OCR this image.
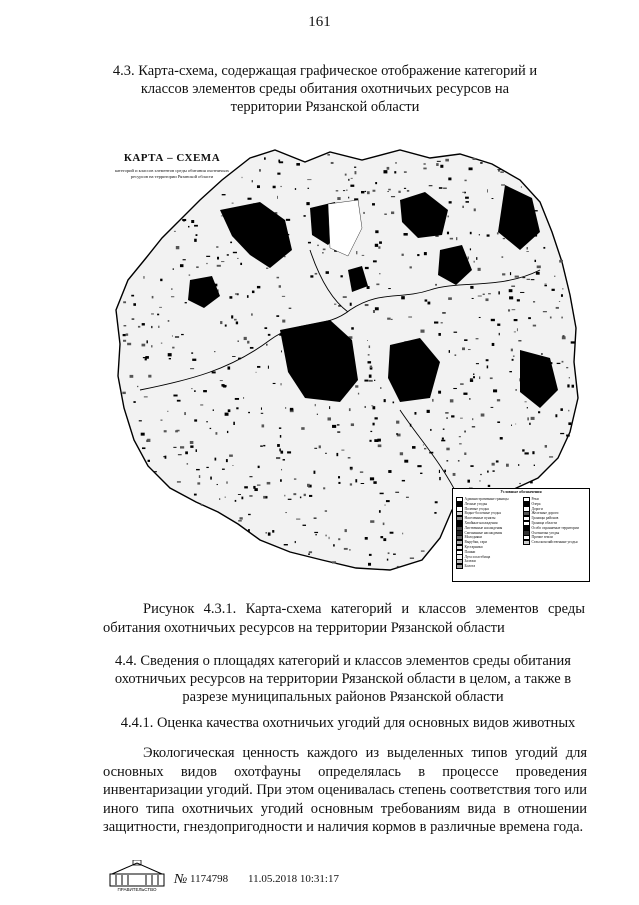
161
4.3. Карта-схема, содержащая графическое отображение категорий и классов элементов среды обитания охотничьих ресурсов на территории Рязанской области
КАРТА – СХЕМА
категорий и классов элементов среды обитания охотничьих ресурсов на территории Рязанской области
Условные обозначения
Административные границы
Лесные угодья
Полевые угодья
Водно-болотные угодья
Населенные пункты
Хвойные насаждения
Лиственные насаждения
Смешанные насаждения
Молодняки
Вырубки, гари
Кустарники
Пашни
Луга и пастбища
Залежи
Болота
Реки
Озера
Дороги
Железные дороги
Границы районов
Граница области
Особо охраняемые территории
Охотничьи угодья
Прочие земли
Сельскохозяйственные угодья
Рисунок 4.3.1. Карта-схема категорий и классов элементов среды обитания охотничьих ресурсов на территории Рязанской области
4.4. Сведения о площадях категорий и классов элементов среды обитания охотничьих ресурсов на территории Рязанской области в целом, а также в разрезе муниципальных районов Рязанской области
4.4.1. Оценка качества охотничьих угодий для основных видов животных
Экологическая ценность каждого из выделенных типов угодий для основных видов охотфауны определялась в процессе проведения инвентаризации угодий. При этом оценивалась степень соответствия того или иного типа охотничьих угодий основным требованиям вида в отношении защитности, гнездопригодности и наличия кормов в различные времена года.
ПРАВИТЕЛЬСТВО
№ 1174798 11.05.2018 10:31:17
